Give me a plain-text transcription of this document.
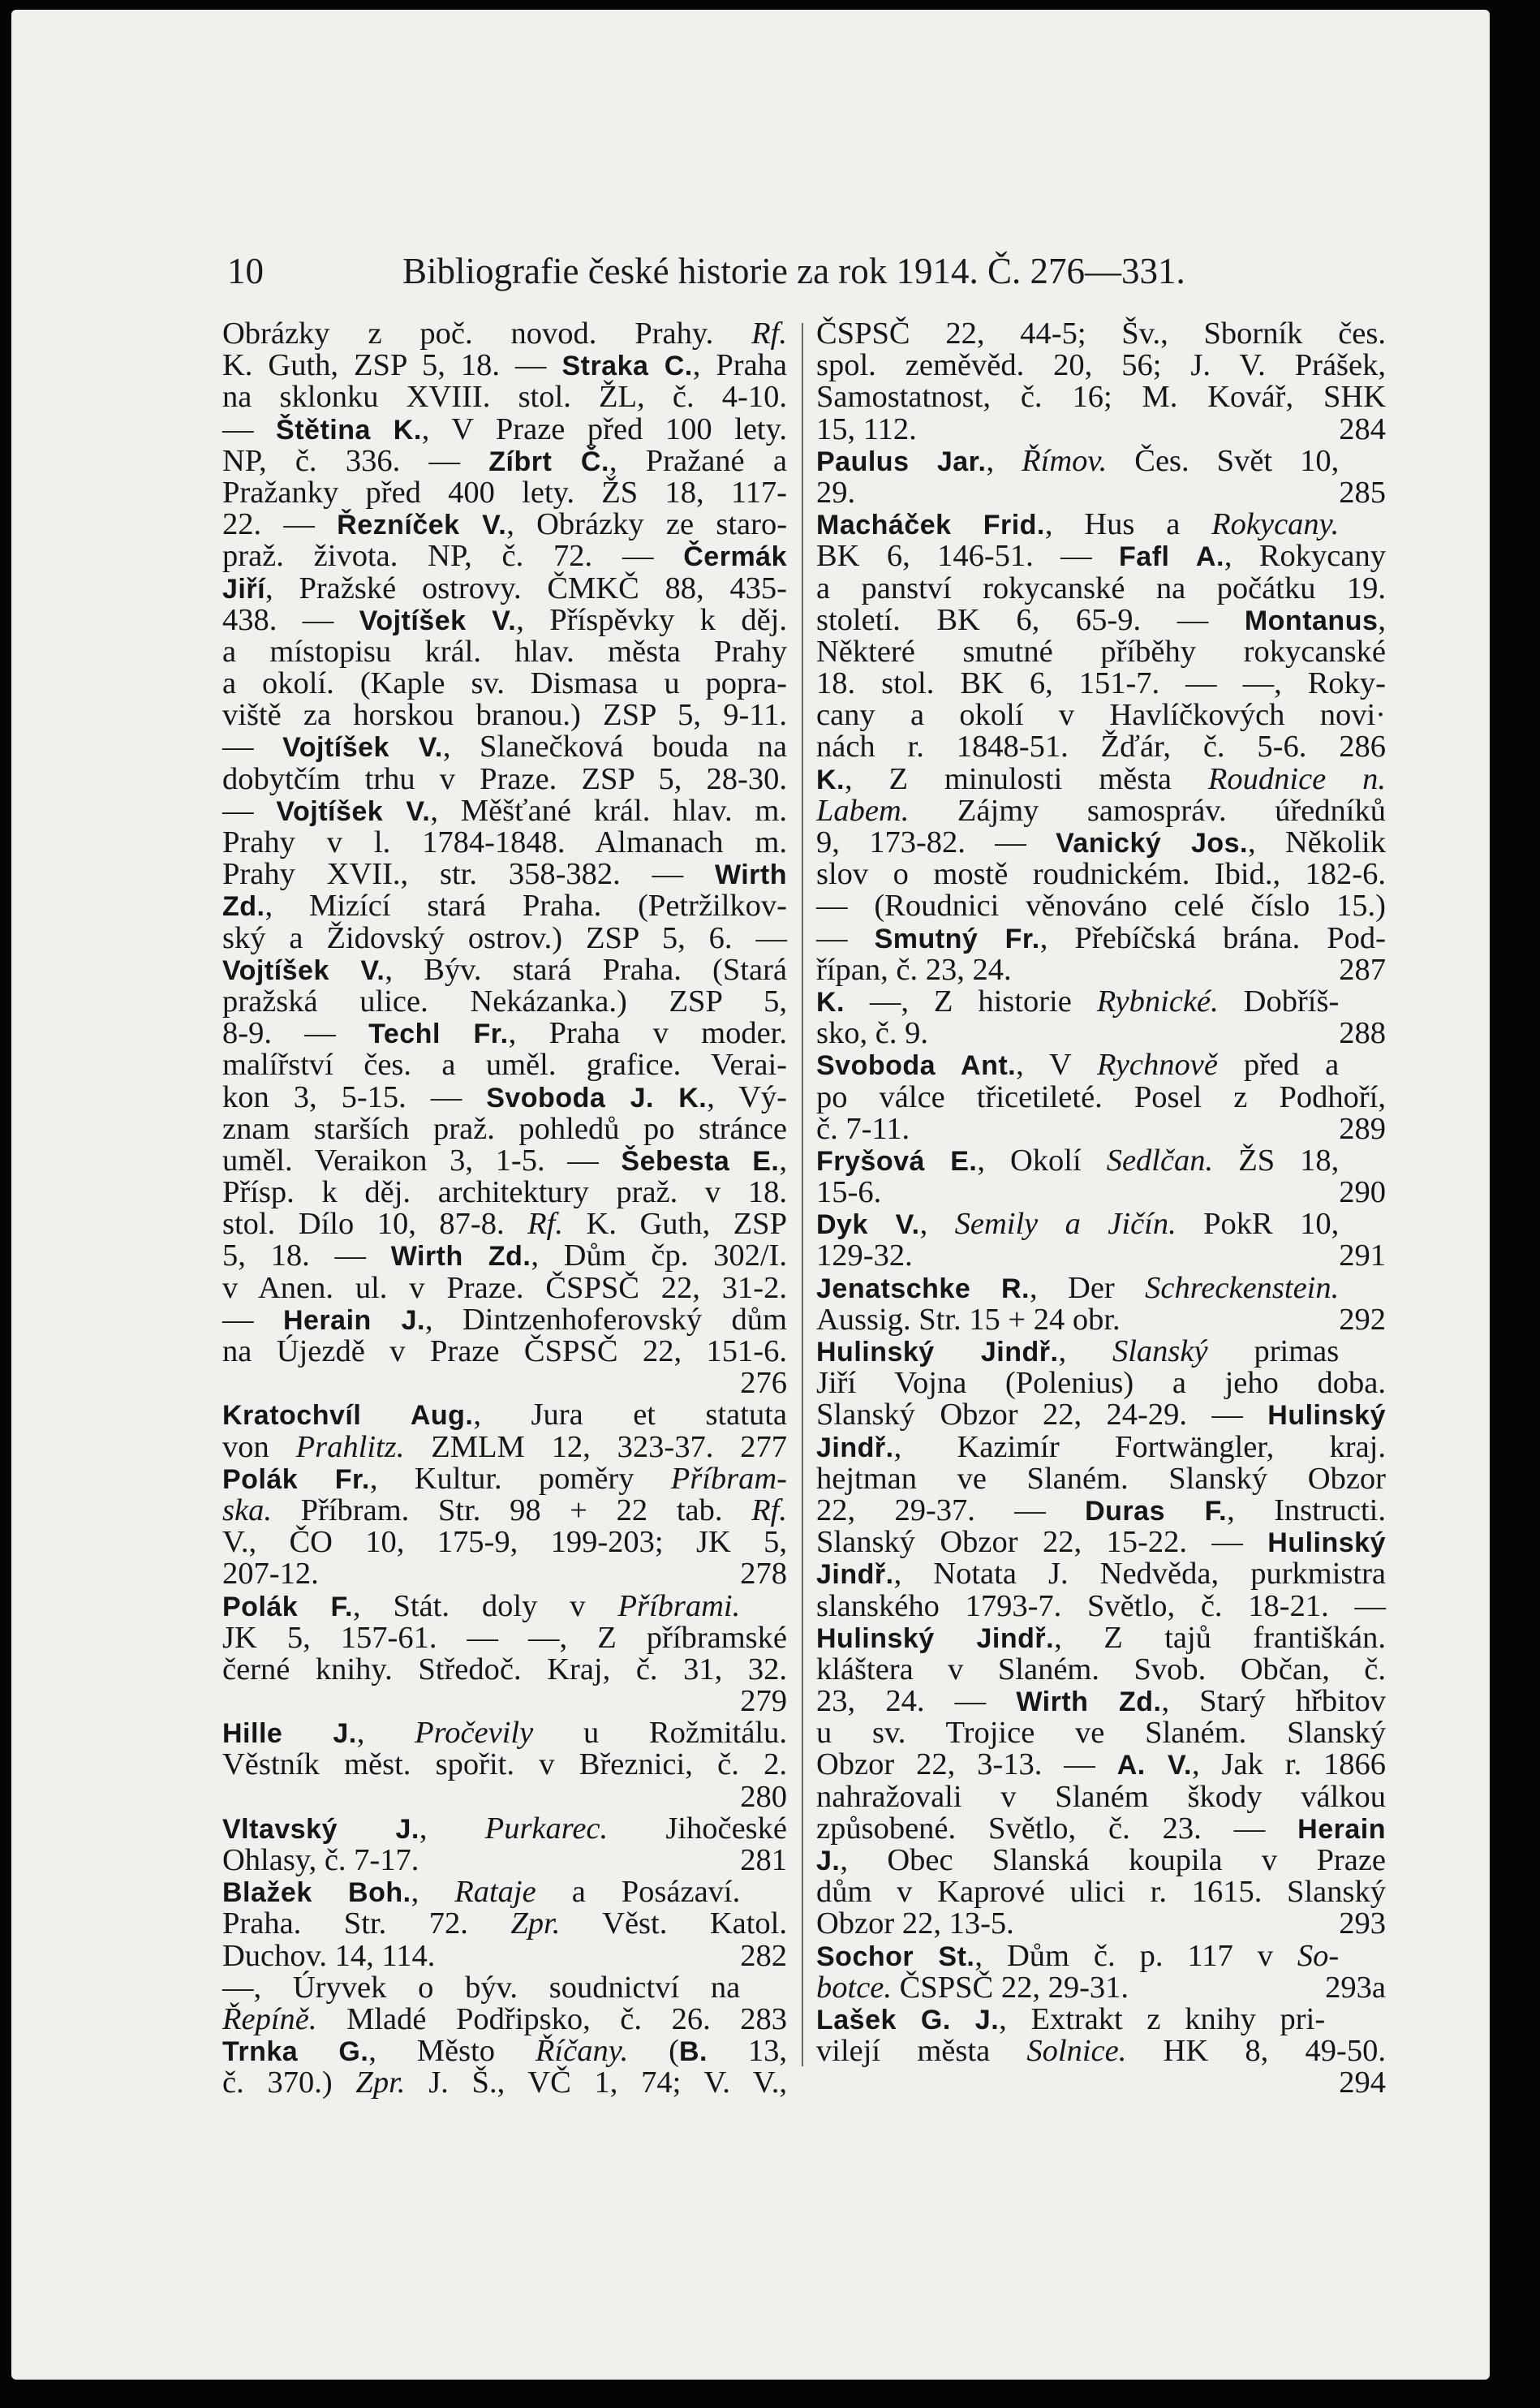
10	Bibliografie české historie za rok 1914. Č. 276—331.

Obrázky z poč. novod. Prahy. Rf.

K. Guth, ZSP 5, 18. — Straka C., Praha

na sklonku XVIII. stol. ŽL, č. 4-10.

— Štětina K., V Praze před 100 lety.

NP, č. 336. — Zíbrt Č., Pražané a

Pražanky před 400 lety. ŽS 18, 117-

22. — Řezníček V., Obrázky ze staro-

praž. života. NP, č. 72. — Čermák

Jiří, Pražské ostrovy. ČMKČ 88, 435-

438. — Vojtíšek V., Příspěvky k děj.

a místopisu král. hlav. města Prahy

a okolí. (Kaple sv. Dismasa u popra-

viště za horskou branou.) ZSP 5, 9-11.

— Vojtíšek V., Slanečková bouda na

dobytčím trhu v Praze. ZSP 5, 28-30.

— Vojtíšek V., Měšťané král. hlav. m.

Prahy v l. 1784-1848. Almanach m.

Prahy XVII., str. 358-382. — Wirth

Zd., Mizící stará Praha. (Petržilkov-

ský a Židovský ostrov.) ZSP 5, 6. —

Vojtíšek V., Býv. stará Praha. (Stará

pražská ulice. Nekázanka.) ZSP 5,

8-9. — Techl Fr., Praha v moder.

malířství čes. a uměl. grafice. Verai-

kon 3, 5-15. — Svoboda J. K., Vý-

znam starších praž. pohledů po stránce

uměl. Veraikon 3, 1-5. — Šebesta E.,

Přísp. k děj. architektury praž. v 18.

stol. Dílo 10, 87-8. Rf. K. Guth, ZSP

5, 18. — Wirth Zd., Dům čp. 302/I.

v Anen. ul. v Praze. ČSPSČ 22, 31-2.

— Herain J., Dintzenhoferovský dům

na Újezdě v Praze ČSPSČ 22, 151-6.

276

Kratochvíl Aug., Jura et statuta

von Prahlitz. ZMLM 12, 323-37. 277

Polák Fr., Kultur. poměry Příbram-

ska. Příbram. Str. 98 + 22 tab. Rf.

V., ČO 10, 175-9, 199-203; JK 5,

207-12.	278

Polák F., Stát. doly v Příbrami.

JK 5, 157-61. — —, Z příbramské

černé knihy. Středoč. Kraj, č. 31, 32.

279

Hille J., Pročevily u Rožmitálu.

Věstník měst. spořit. v Březnici, č. 2.

280

Vltavský J., Purkarec. Jihočeské

Ohlasy, č. 7-17.	281

Blažek Boh., Rataje a Posázaví.

Praha. Str. 72. Zpr. Věst. Katol.

Duchov. 14, 114.	282

—, Úryvek o býv. soudnictví na

Řepíně. Mladé Podřipsko, č. 26. 283

Trnka G., Město Říčany. (B. 13,

č. 370.) Zpr. J. Š., VČ 1, 74; V. V.,

ČSPSČ 22, 44-5; Šv., Sborník čes.

spol. zeměvěd. 20, 56; J. V. Prášek,

Samostatnost, č. 16; M. Kovář, SHK

15, 112.	284

Paulus Jar., Římov. Čes. Svět 10,

29.	285

Macháček Frid., Hus a Rokycany.

BK 6, 146-51. — Fafl A., Rokycany

a panství rokycanské na počátku 19.

století. BK 6, 65-9. — Montanus,

Některé smutné příběhy rokycanské

18. stol. BK 6, 151-7. — —, Roky-

cany a okolí v Havlíčkových novi·

nách r. 1848-51. Žďár, č. 5-6. 286

K., Z minulosti města Roudnice n.

Labem. Zájmy samospráv. úředníků

9, 173-82. — Vanický Jos., Několik

slov o mostě roudnickém. Ibid., 182-6.

— (Roudnici věnováno celé číslo 15.)

— Smutný Fr., Přebíčská brána. Pod-

řípan, č. 23, 24.	287

K. —, Z historie Rybnické. Dobříš-

sko, č. 9.	288

Svoboda Ant., V Rychnově před a

po válce třicetileté. Posel z Podhoří,

č. 7-11.	289

Fryšová E., Okolí Sedlčan. ŽS 18,

15-6.	290

Dyk V., Semily a Jičín. PokR 10,

129-32.	291

Jenatschke R., Der Schreckenstein.

Aussig. Str. 15 + 24 obr.	292

Hulinský Jindř., Slanský primas

Jiří Vojna (Polenius) a jeho doba.

Slanský Obzor 22, 24-29. — Hulinský

Jindř., Kazimír Fortwängler, kraj.

hejtman ve Slaném. Slanský Obzor

22, 29-37. — Duras F., Instructi.

Slanský Obzor 22, 15-22. — Hulinský

Jindř., Notata J. Nedvěda, purkmistra

slanského 1793-7. Světlo, č. 18-21. —

Hulinský Jindř., Z tajů františkán.

kláštera v Slaném. Svob. Občan, č.

23, 24. — Wirth Zd., Starý hřbitov

u sv. Trojice ve Slaném. Slanský

Obzor 22, 3-13. — A. V., Jak r. 1866

nahražovali v Slaném škody válkou

způsobené. Světlo, č. 23. — Herain

J., Obec Slanská koupila v Praze

dům v Kaprové ulici r. 1615. Slanský

Obzor 22, 13-5.	293

Sochor St., Dům č. p. 117 v So-

botce. ČSPSČ 22, 29-31.	293a

Lašek G. J., Extrakt z knihy pri-

vilejí města Solnice. HK 8, 49-50.

294
